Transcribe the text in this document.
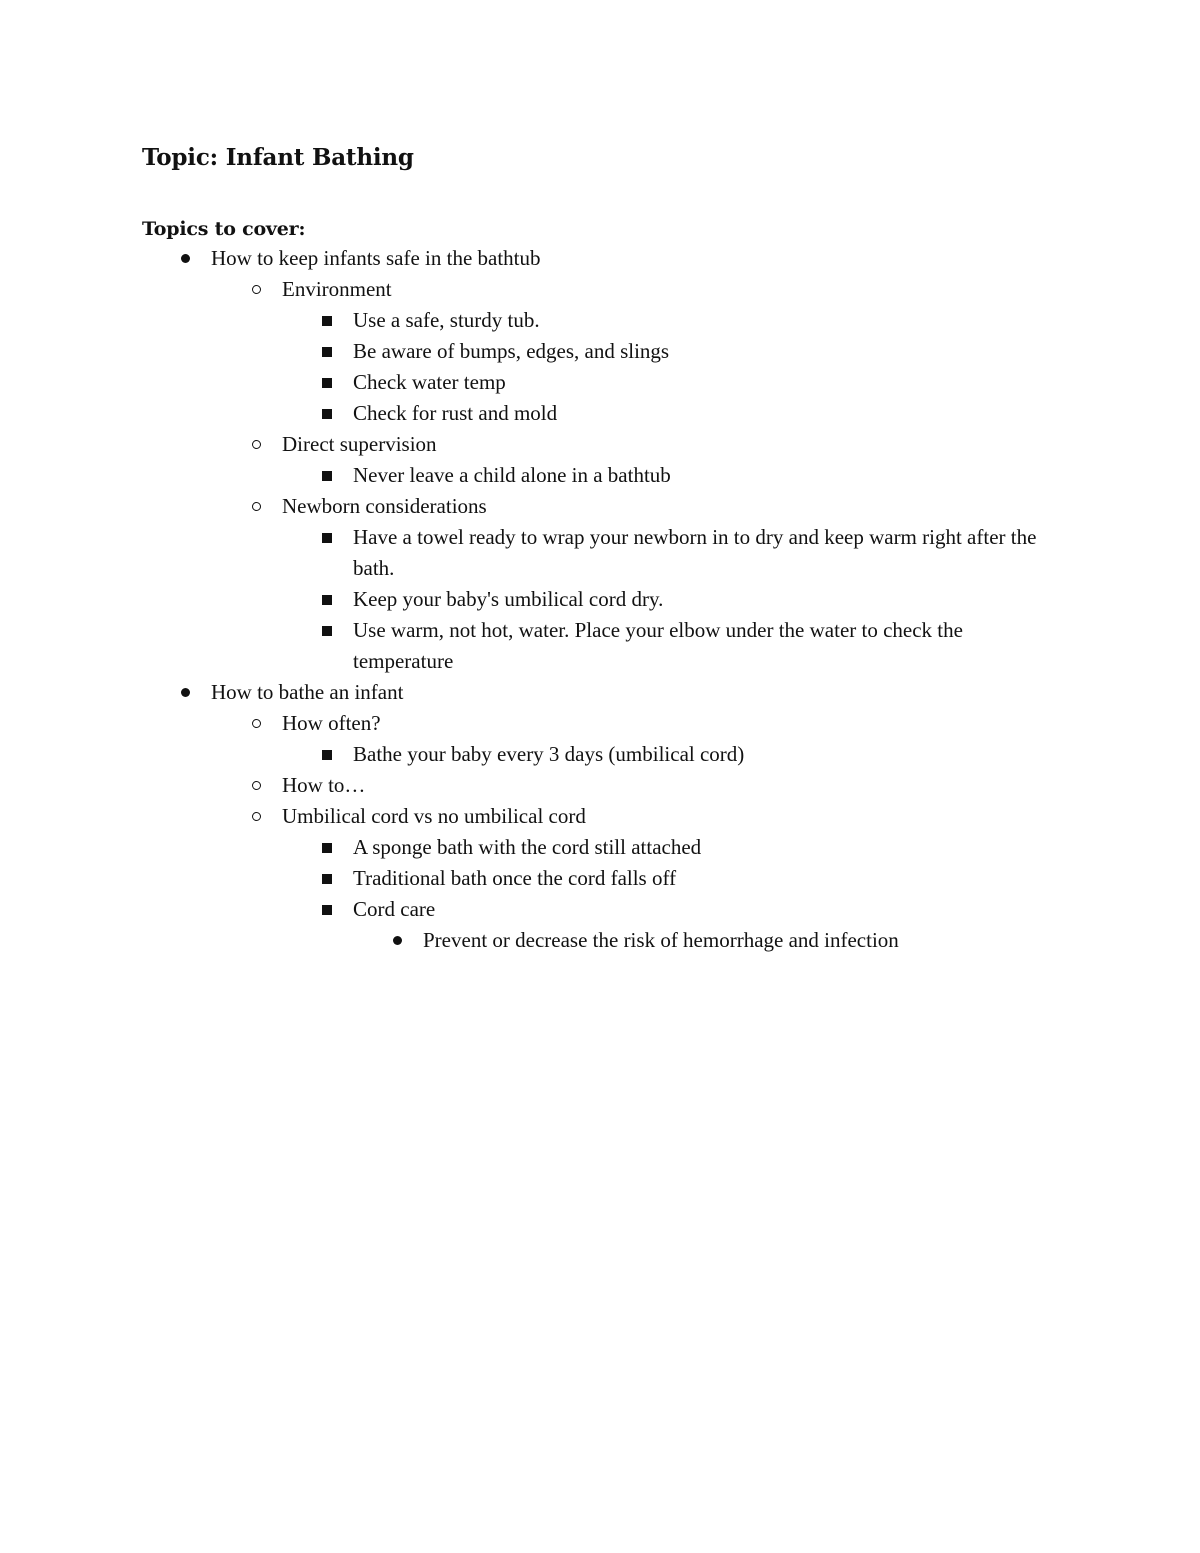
Topic: Infant Bathing
Topics to cover:
How to keep infants safe in the bathtub
Environment
Use a safe, sturdy tub.
Be aware of bumps, edges, and slings
Check water temp
Check for rust and mold
Direct supervision
Never leave a child alone in a bathtub
Newborn considerations
Have a towel ready to wrap your newborn in to dry and keep warm right after the bath.
Keep your baby's umbilical cord dry.
Use warm, not hot, water. Place your elbow under the water to check the temperature
How to bathe an infant
How often?
Bathe your baby every 3 days (umbilical cord)
How to…
Umbilical cord vs no umbilical cord
A sponge bath with the cord still attached
Traditional bath once the cord falls off
Cord care
Prevent or decrease the risk of hemorrhage and infection
